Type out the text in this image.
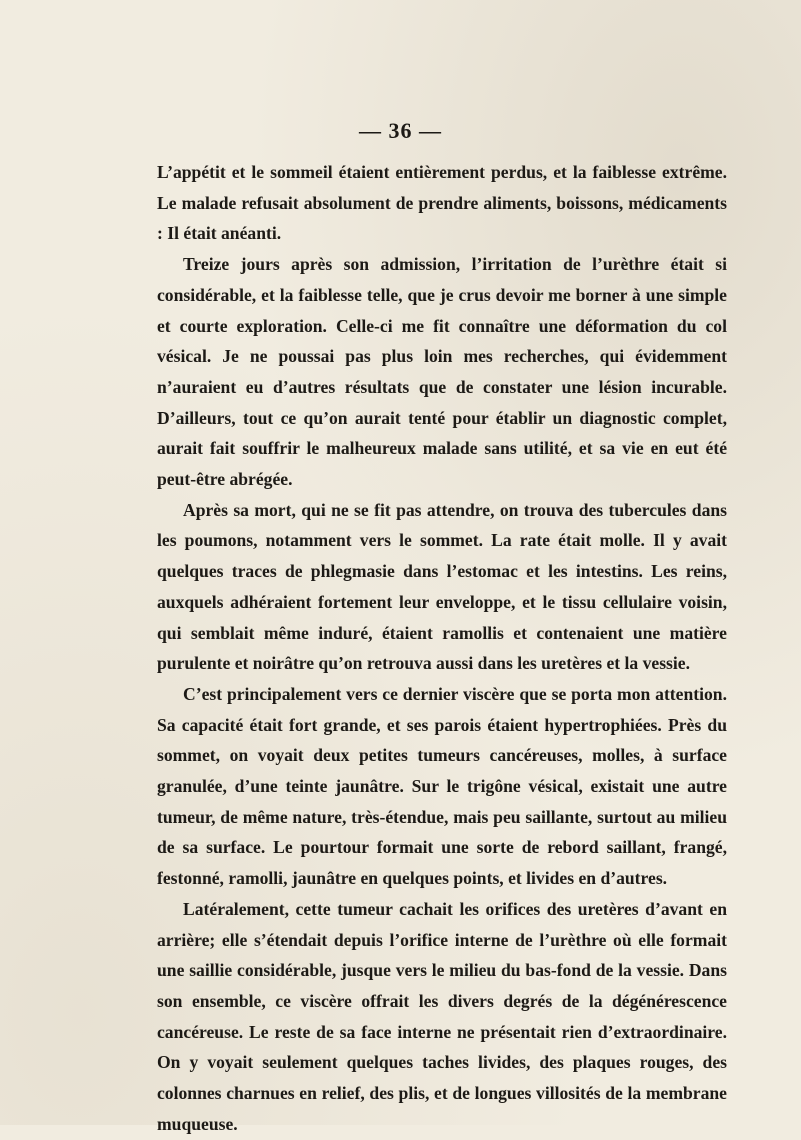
— 36 —

L’appétit et le sommeil étaient entièrement perdus, et la faiblesse extrême. Le malade refusait absolument de prendre aliments, boissons, médicaments : Il était anéanti.

Treize jours après son admission, l’irritation de l’urèthre était si considérable, et la faiblesse telle, que je crus devoir me borner à une simple et courte exploration. Celle-ci me fit connaître une déformation du col vésical. Je ne poussai pas plus loin mes recherches, qui évidemment n’auraient eu d’autres résultats que de constater une lésion incurable. D’ailleurs, tout ce qu’on aurait tenté pour établir un diagnostic complet, aurait fait souffrir le malheureux malade sans utilité, et sa vie en eut été peut-être abrégée.

Après sa mort, qui ne se fit pas attendre, on trouva des tubercules dans les poumons, notamment vers le sommet. La rate était molle. Il y avait quelques traces de phlegmasie dans l’estomac et les intestins. Les reins, auxquels adhéraient fortement leur enveloppe, et le tissu cellulaire voisin, qui semblait même induré, étaient ramollis et contenaient une matière purulente et noirâtre qu’on retrouva aussi dans les uretères et la vessie.

C’est principalement vers ce dernier viscère que se porta mon attention. Sa capacité était fort grande, et ses parois étaient hypertrophiées. Près du sommet, on voyait deux petites tumeurs cancéreuses, molles, à surface granulée, d’une teinte jaunâtre. Sur le trigône vésical, existait une autre tumeur, de même nature, très-étendue, mais peu saillante, surtout au milieu de sa surface. Le pourtour formait une sorte de rebord saillant, frangé, festonné, ramolli, jaunâtre en quelques points, et livides en d’autres.

Latéralement, cette tumeur cachait les orifices des uretères d’avant en arrière; elle s’étendait depuis l’orifice interne de l’urèthre où elle formait une saillie considérable, jusque vers le milieu du bas-fond de la vessie. Dans son ensemble, ce viscère offrait les divers degrés de la dégénérescence cancéreuse. Le reste de sa face interne ne présentait rien d’extraordinaire. On y voyait seulement quelques taches livides, des plaques rouges, des colonnes charnues en relief, des plis, et de longues villosités de la membrane muqueuse.
